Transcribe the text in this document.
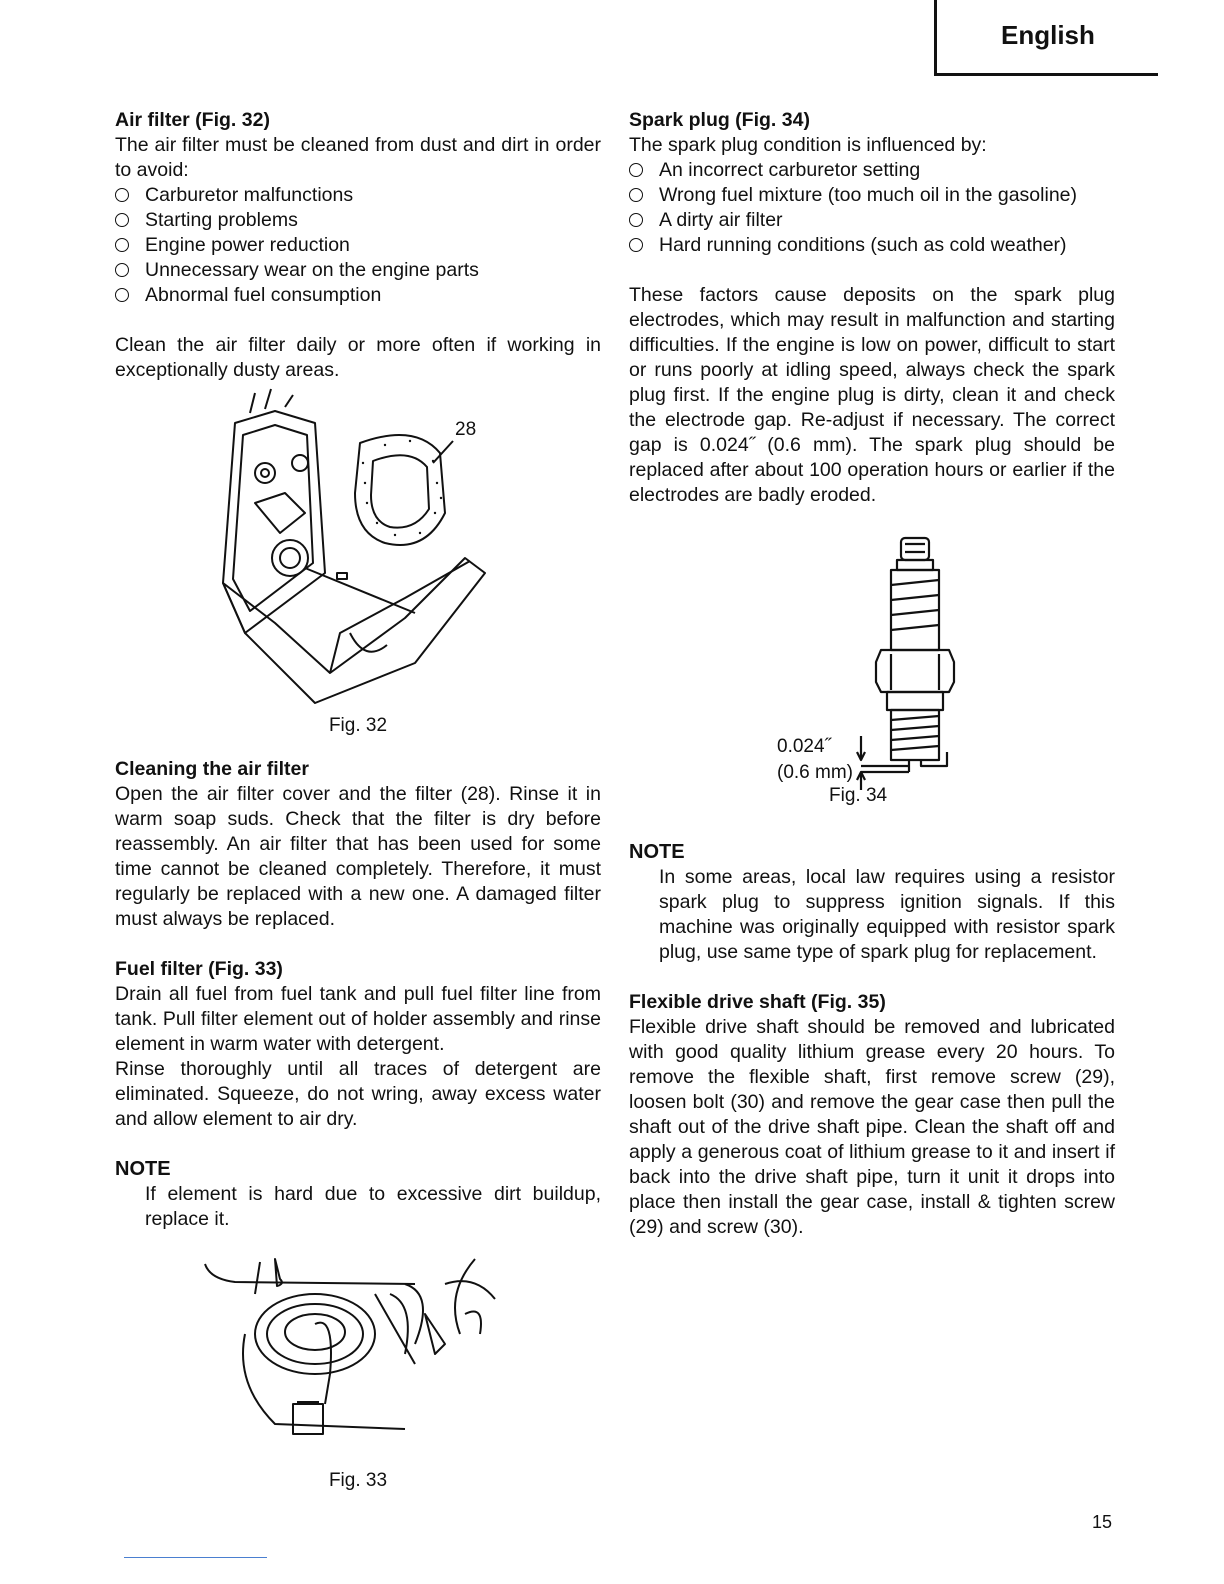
English
Air filter (Fig. 32)

The air filter must be cleaned from dust and dirt in order to avoid:

Carburetor malfunctions
Starting problems
Engine power reduction
Unnecessary wear on the engine parts
Abnormal fuel consumption

Clean the air filter daily or more often if working in exceptionally dusty areas.

28
Fig. 32
Cleaning the air filter

Open the air filter cover and the filter (28). Rinse it in warm soap suds. Check that the filter is dry before reassembly. An air filter that has been used for some time cannot be cleaned completely. Therefore, it must regularly be replaced with a new one. A damaged filter must always be replaced.

Fuel filter (Fig. 33)

Drain all fuel from fuel tank and pull fuel filter line from tank. Pull filter element out of holder assembly and rinse element in warm water with detergent.

Rinse thoroughly until all traces of detergent are eliminated. Squeeze, do not wring, away excess water and allow element to air dry.

NOTE

If element is hard due to excessive dirt buildup, replace it.

Fig. 33
Spark plug (Fig. 34)

The spark plug condition is influenced by:

An incorrect carburetor setting
Wrong fuel mixture (too much oil in the gasoline)
A dirty air filter
Hard running conditions (such as cold weather)

These factors cause deposits on the spark plug electrodes, which may result in malfunction and starting difficulties. If the engine is low on power, difficult to start or runs poorly at idling speed, always check the spark plug first. If the engine plug is dirty, clean it and check the electrode gap. Re-adjust if necessary. The correct gap is 0.024˝ (0.6 mm). The spark plug should be replaced after about 100 operation hours or earlier if the electrodes are badly eroded.

0.024˝
(0.6 mm)
Fig. 34
NOTE

In some areas, local law requires using a resistor spark plug to suppress ignition signals. If this machine was originally equipped with resistor spark plug, use same type of spark plug for replacement.

Flexible drive shaft (Fig. 35)

Flexible drive shaft should be removed and lubricated with good quality lithium grease every 20 hours. To remove the flexible shaft, first remove screw (29), loosen bolt (30) and remove the gear case then pull the shaft out of the drive shaft pipe. Clean the shaft off and apply a generous coat of lithium grease to it and insert if back into the drive shaft pipe, turn it unit it drops into place then install the gear case, install & tighten screw (29) and screw (30).

15
